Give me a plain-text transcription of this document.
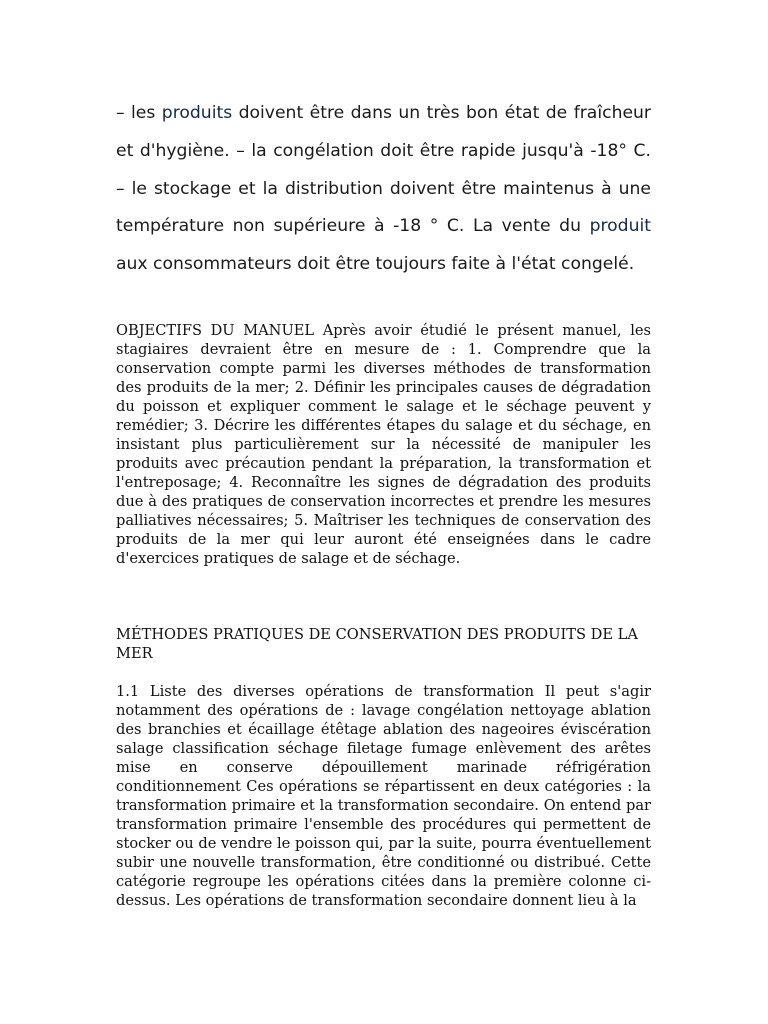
– les produits doivent être dans un très bon état de fraîcheur et d'hygiène. – la congélation doit être rapide jusqu'à -18° C. – le stockage et la distribution doivent être maintenus à une température non supérieure à -18 ° C. La vente du produit aux consommateurs doit être toujours faite à l'état congelé.

OBJECTIFS DU MANUEL Après avoir étudié le présent manuel, les stagiaires devraient être en mesure de : 1. Comprendre que la conservation compte parmi les diverses méthodes de transformation des produits de la mer; 2. Définir les principales causes de dégradation du poisson et expliquer comment le salage et le séchage peuvent y remédier; 3. Décrire les différentes étapes du salage et du séchage, en insistant plus particulièrement sur la nécessité de manipuler les produits avec précaution pendant la préparation, la transformation et l'entreposage; 4. Reconnaître les signes de dégradation des produits due à des pratiques de conservation incorrectes et prendre les mesures palliatives nécessaires; 5. Maîtriser les techniques de conservation des produits de la mer qui leur auront été enseignées dans le cadre d'exercices pratiques de salage et de séchage.

MÉTHODES PRATIQUES DE CONSERVATION DES PRODUITS DE LA MER

1.1 Liste des diverses opérations de transformation Il peut s'agir notamment des opérations de : lavage congélation nettoyage ablation des branchies et écaillage étêtage ablation des nageoires éviscération salage classification séchage filetage fumage enlèvement des arêtes mise en conserve dépouillement marinade réfrigération conditionnement Ces opérations se répartissent en deux catégories : la transformation primaire et la transformation secondaire. On entend par transformation primaire l'ensemble des procédures qui permettent de stocker ou de vendre le poisson qui, par la suite, pourra éventuellement subir une nouvelle transformation, être conditionné ou distribué. Cette catégorie regroupe les opérations citées dans la première colonne ci-dessus. Les opérations de transformation secondaire donnent lieu à la
